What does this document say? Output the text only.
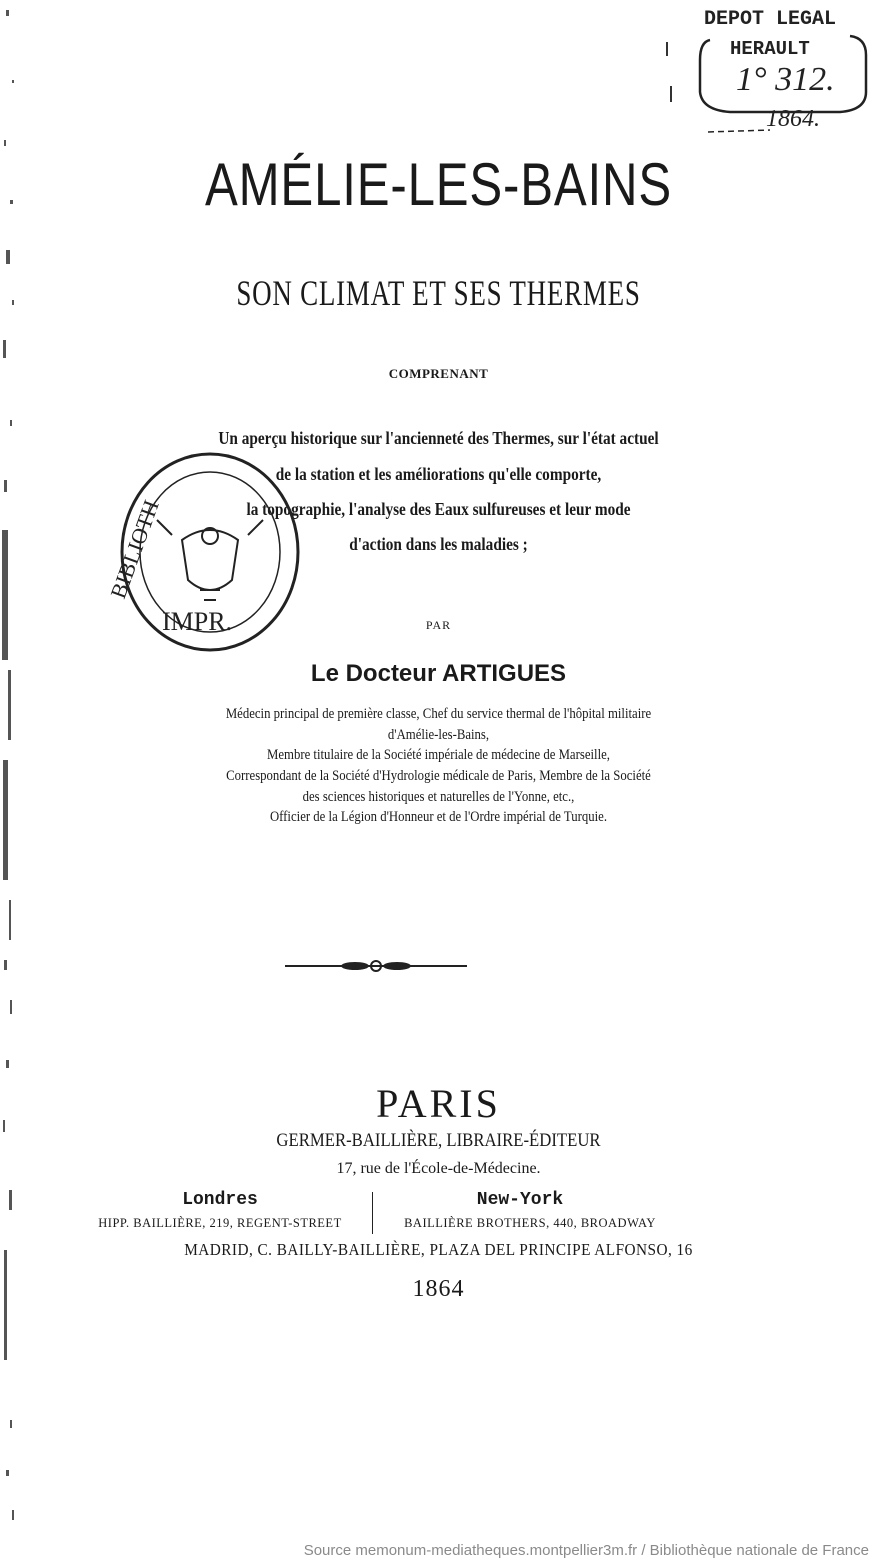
DEPOT LEGAL
HERAULT
1° 312.
1864.
AMÉLIE-LES-BAINS
SON CLIMAT ET SES THERMES
COMPRENANT
Un aperçu historique sur l'ancienneté des Thermes, sur l'état actuel
de la station et les améliorations qu'elle comporte,
la topographie, l'analyse des Eaux sulfureuses et leur mode
d'action dans les maladies ;
BIBLIOTH
IMPR.	PAR
Le Docteur ARTIGUES
Médecin principal de première classe, Chef du service thermal de l'hôpital militaire
d'Amélie-les-Bains,
Membre titulaire de la Société impériale de médecine de Marseille,
Correspondant de la Société d'Hydrologie médicale de Paris, Membre de la Société
des sciences historiques et naturelles de l'Yonne, etc.,
Officier de la Légion d'Honneur et de l'Ordre impérial de Turquie.
PARIS
GERMER-BAILLIÈRE, LIBRAIRE-ÉDITEUR
17, rue de l'École-de-Médecine.
Londres
HIPP. BAILLIÈRE, 219, REGENT-STREET
New-York
BAILLIÈRE BROTHERS, 440, BROADWAY
MADRID, C. BAILLY-BAILLIÈRE, PLAZA DEL PRINCIPE ALFONSO, 16
1864
Source memonum-mediatheques.montpellier3m.fr / Bibliothèque nationale de France
